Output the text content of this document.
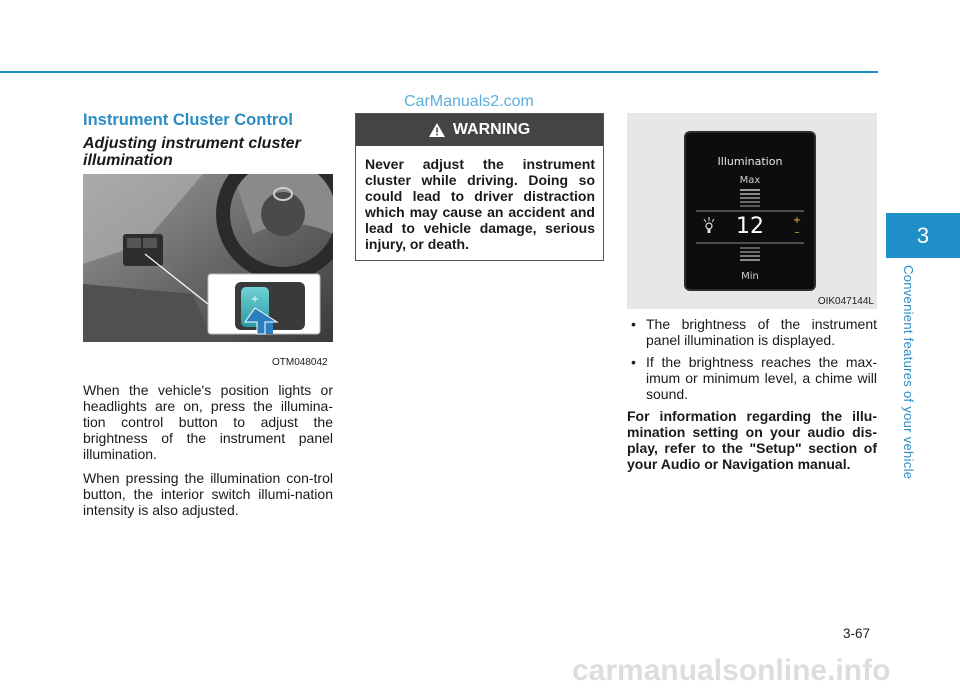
CarManuals2.com
Instrument Cluster Control
Adjusting instrument cluster illumination
+
OTM048042
When the vehicle's position lights or headlights are on, press the illumina-tion control button to adjust the brightness of the instrument panel illumination.
When pressing the illumination con-trol button, the interior switch illumi-nation intensity is also adjusted.
WARNING
Never adjust the instrument cluster while driving. Doing so could lead to driver distraction which may cause an accident and lead to vehicle damage, serious injury, or death.
Illumination
Max
12	+
–
Min
OIK047144L
• The brightness of the instrument panel illumination is displayed.
• If the brightness reaches the max-imum or minimum level, a chime will sound.
For information regarding the illu-mination setting on your audio dis-play, refer to the "Setup" section of your Audio or Navigation manual.
3
Convenient features of your vehicle
3-67
carmanualsonline.info
